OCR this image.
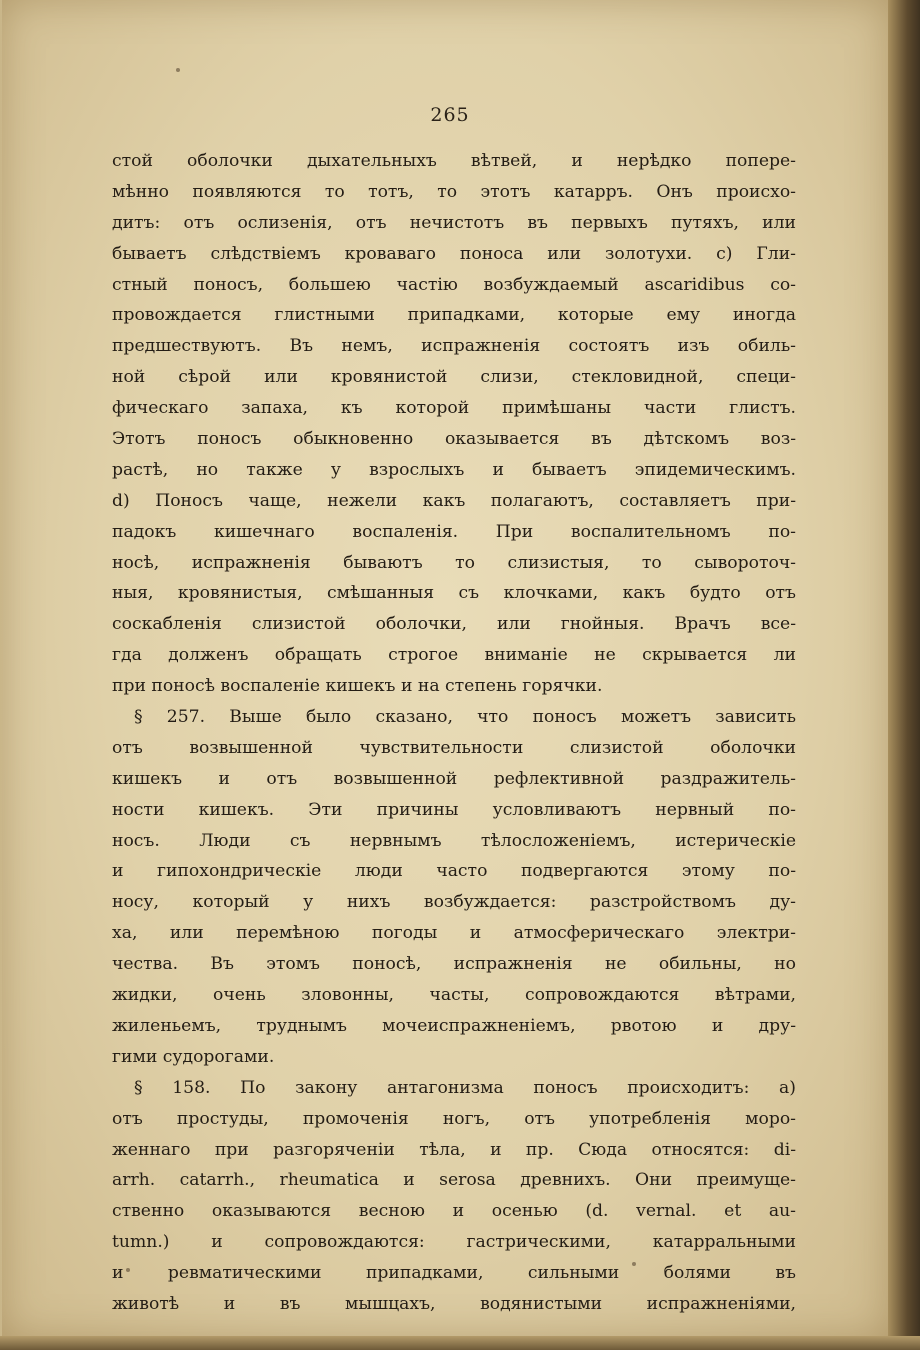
265
стой оболочки дыхательныхъ вѣтвей, и нерѣдко попере-
мѣнно появляются то тотъ, то этотъ катарръ. Онъ происхо-
дитъ: отъ ослизенія, отъ нечистотъ въ первыхъ путяхъ, или
бываетъ слѣдствіемъ кроваваго поноса или золотухи. с) Гли-
стный поносъ, большею частію возбуждаемый ascaridibus со-
провождается глистными припадками, которые ему иногда
предшествуютъ. Въ немъ, испражненія состоятъ изъ обиль-
ной сѣрой или кровянистой слизи, стекловидной, специ-
фическаго запаха, къ которой примѣшаны части глистъ.
Этотъ поносъ обыкновенно оказывается въ дѣтскомъ воз-
растѣ, но также у взрослыхъ и бываетъ эпидемическимъ.
d) Поносъ чаще, нежели какъ полагаютъ, составляетъ при-
падокъ кишечнаго воспаленія. При воспалительномъ по-
носѣ, испражненія бываютъ то слизистыя, то сывороточ-
ныя, кровянистыя, смѣшанныя съ клочками, какъ будто отъ
соскабленія слизистой оболочки, или гнойныя. Врачъ все-
гда долженъ обращать строгое вниманіе не скрывается ли
при поносѣ воспаленіе кишекъ и на степень горячки.
§ 257. Выше было сказано, что поносъ можетъ зависить
отъ возвышенной чувствительности слизистой оболочки
кишекъ и отъ возвышенной рефлективной раздражитель-
ности кишекъ. Эти причины условливаютъ нервный по-
носъ. Люди съ нервнымъ тѣлосложеніемъ, истерическіе
и гипохондрическіе люди часто подвергаются этому по-
носу, который у нихъ возбуждается: разстройствомъ ду-
ха, или перемѣною погоды и атмосферическаго электри-
чества. Въ этомъ поносѣ, испражненія не обильны, но
жидки, очень зловонны, часты, сопровождаются вѣтрами,
жиленьемъ, труднымъ мочеиспражненіемъ, рвотою и дру-
гими судорогами.
§ 158. По закону антагонизма поносъ происходитъ: а)
отъ простуды, промоченія ногъ, отъ употребленія моро-
женнаго при разгоряченіи тѣла, и пр. Сюда относятся: di-
arrh. catarrh., rheumatica и serosa древнихъ. Они преимуще-
ственно оказываются весною и осенью (d. vernal. et au-
tumn.) и сопровождаются: гастрическими, катарральными
и ревматическими припадками, сильными болями въ
животѣ и въ мышцахъ, водянистыми испражненіями,
